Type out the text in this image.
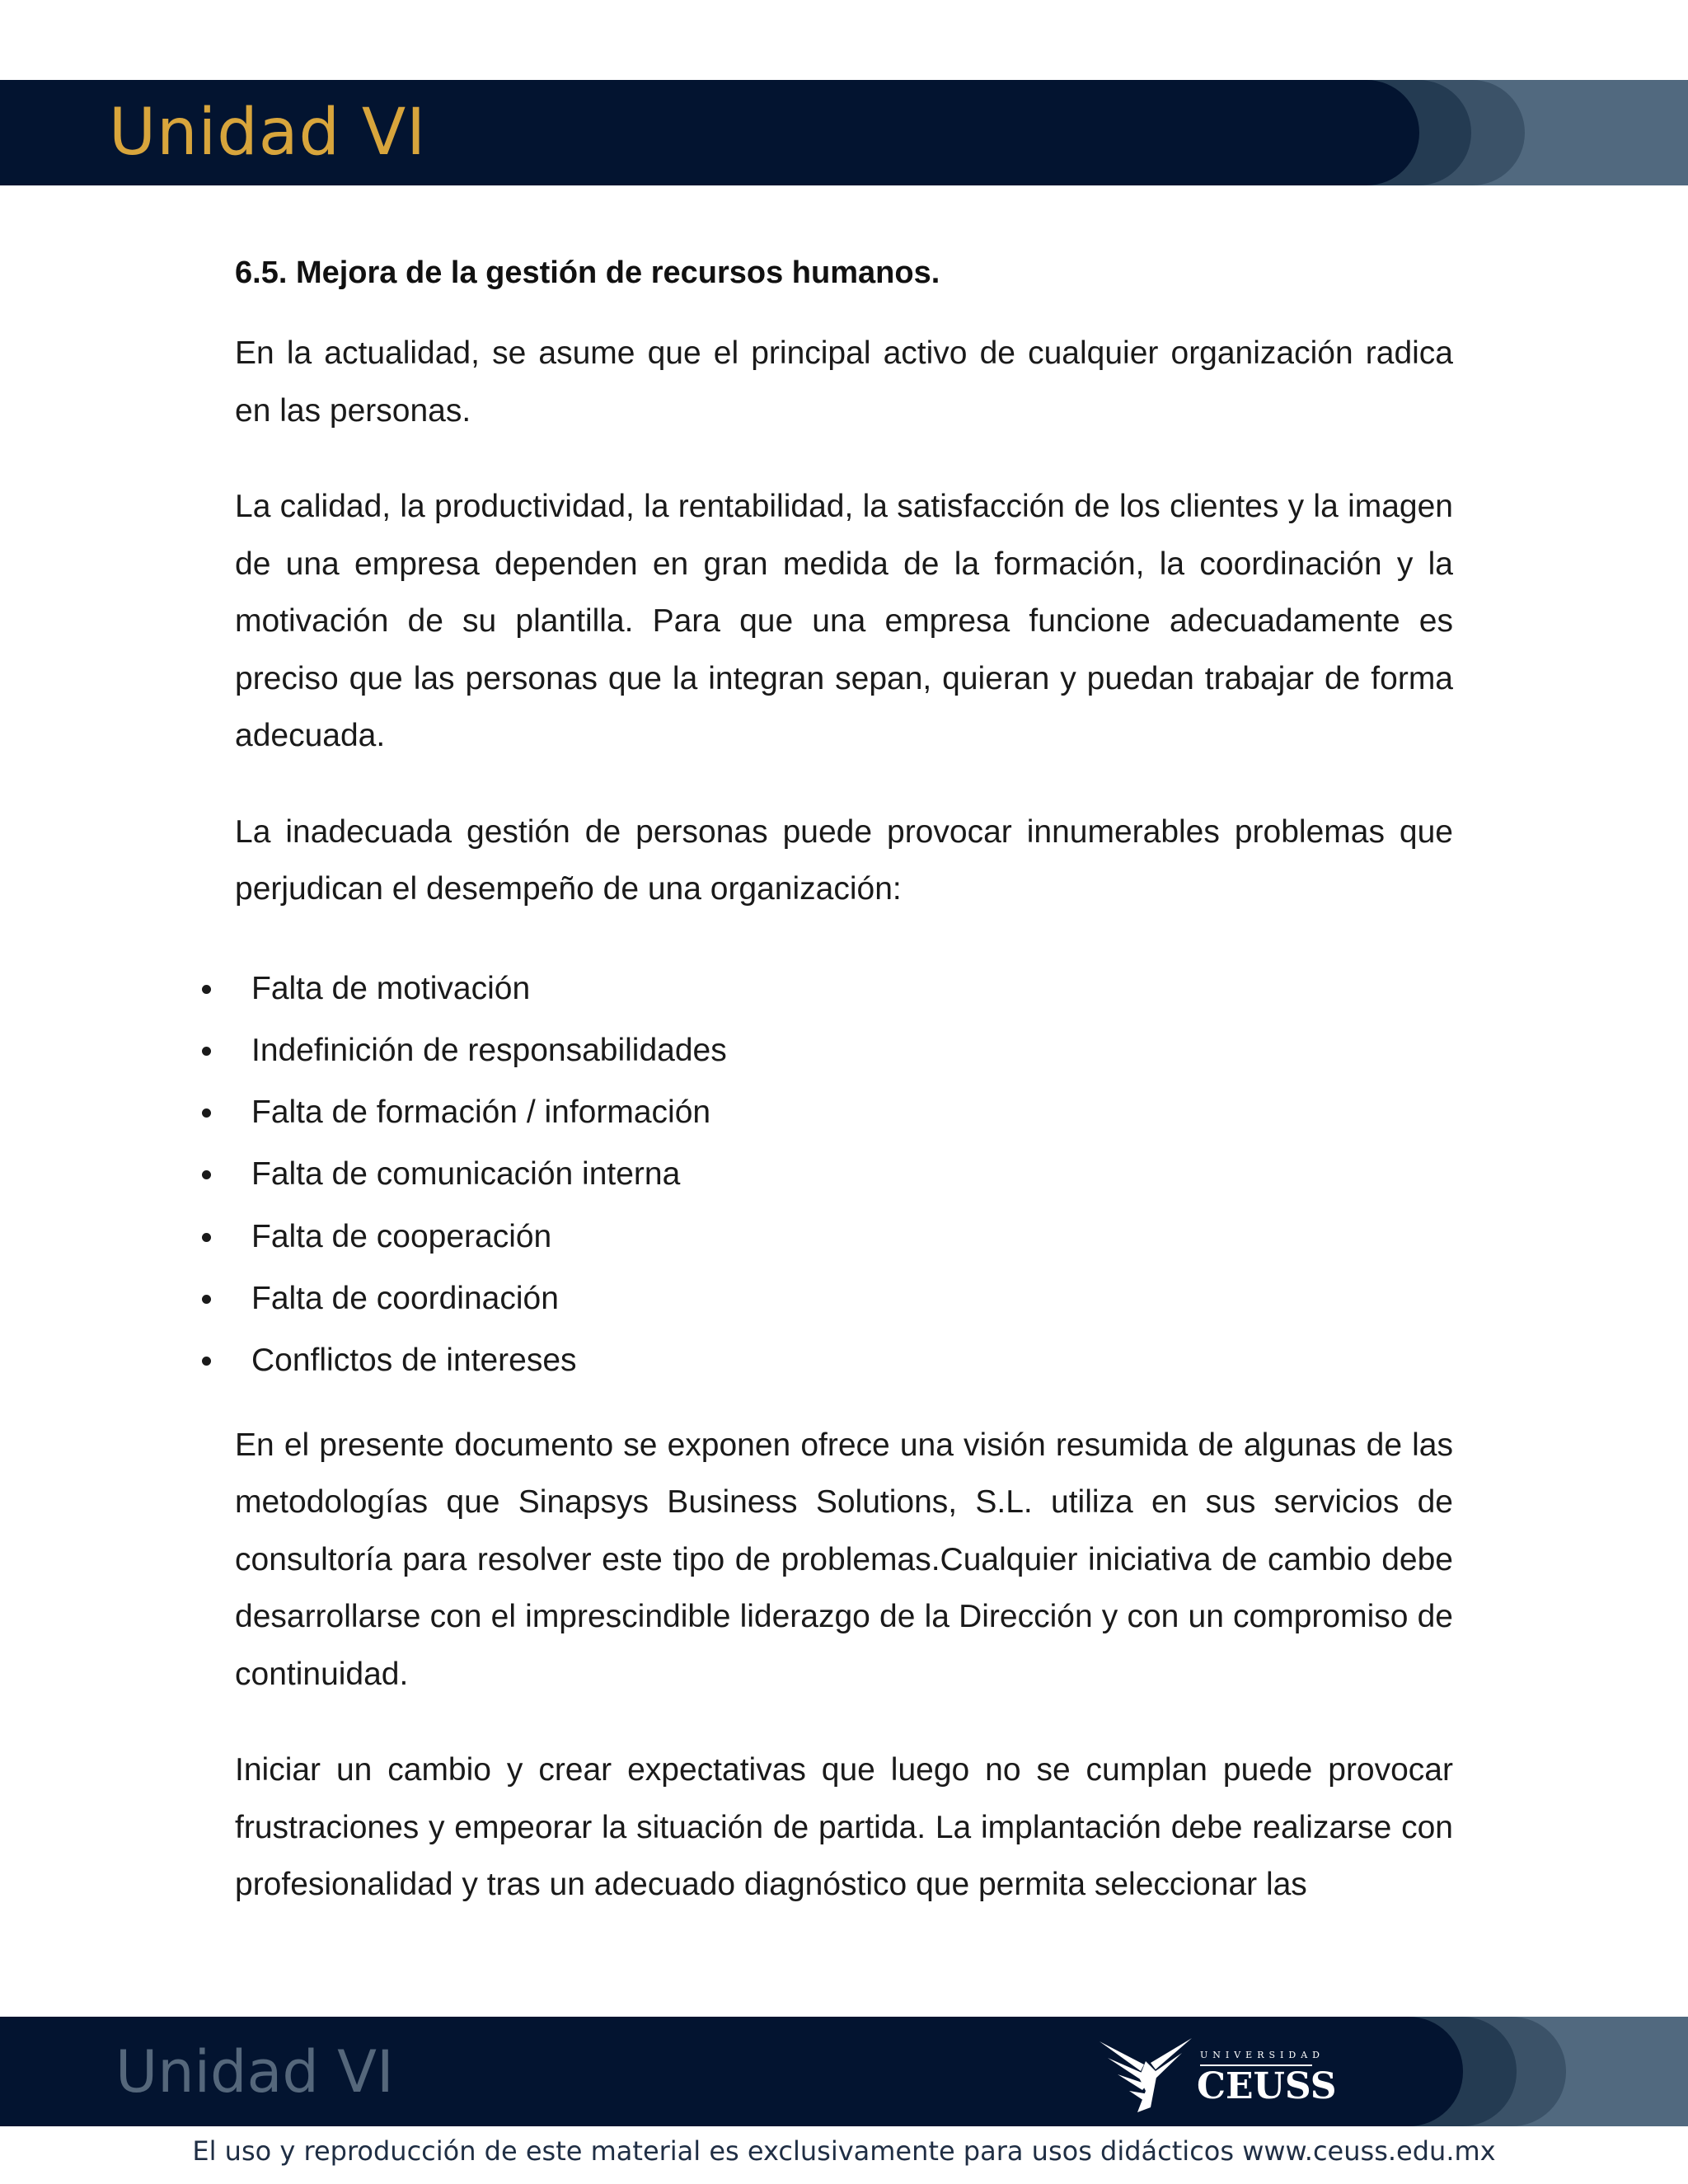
Unidad VI
6.5. Mejora de la gestión de recursos humanos.

En la actualidad, se asume que el principal activo de cualquier organización radica en las personas.

La calidad, la productividad, la rentabilidad, la satisfacción de los clientes y la imagen de una empresa dependen en gran medida de la formación, la coordinación y la motivación de su plantilla. Para que una empresa funcione adecuadamente es preciso que las personas que la integran sepan, quieran y puedan trabajar de forma adecuada.

La inadecuada gestión de personas puede provocar innumerables problemas que perjudican el desempeño de una organización:

Falta de motivación
Indefinición de responsabilidades
Falta de formación / información
Falta de comunicación interna
Falta de cooperación
Falta de coordinación
Conflictos de intereses

En el presente documento se exponen ofrece una visión resumida de algunas de las metodologías que Sinapsys Business Solutions, S.L. utiliza en sus servicios de consultoría para resolver este tipo de problemas.Cualquier iniciativa de cambio debe desarrollarse con el imprescindible liderazgo de la Dirección y con un compromiso de continuidad.

Iniciar un cambio y crear expectativas que luego no se cumplan puede provocar frustraciones y empeorar la situación de partida. La implantación debe realizarse con profesionalidad y tras un adecuado diagnóstico que permita seleccionar las

Unidad VI	UNIVERSIDAD
CEUSS
El uso y reproducción de este material es exclusivamente para usos didácticos www.ceuss.edu.mx
